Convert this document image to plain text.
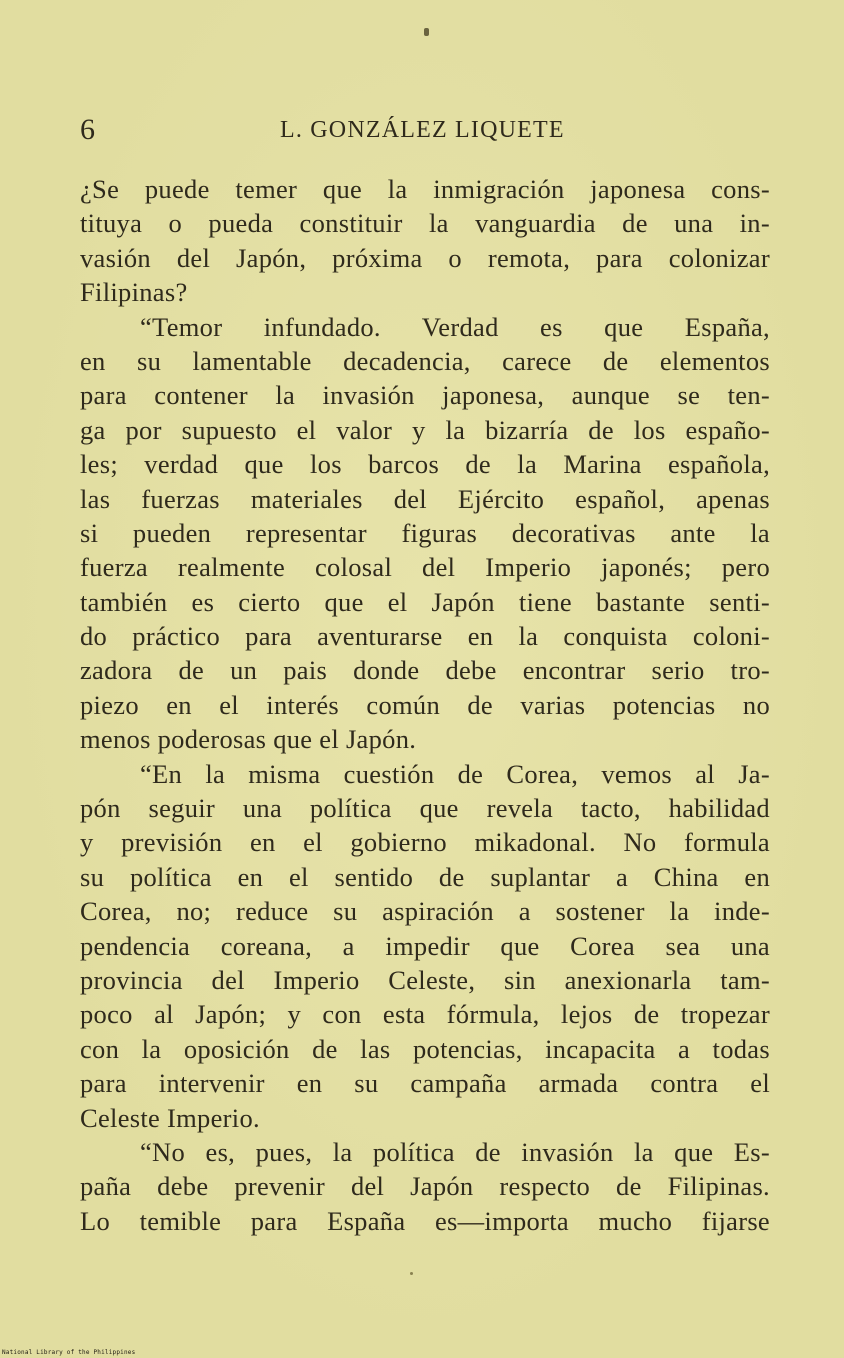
6	L. GONZÁLEZ LIQUETE
¿Se puede temer que la inmigración japonesa cons-
tituya o pueda constituir la vanguardia de una in-
vasión del Japón, próxima o remota, para colonizar
Filipinas?
“Temor infundado. Verdad es que España,
en su lamentable decadencia, carece de elementos
para contener la invasión japonesa, aunque se ten-
ga por supuesto el valor y la bizarría de los españo-
les; verdad que los barcos de la Marina española,
las fuerzas materiales del Ejército español, apenas
si pueden representar figuras decorativas ante la
fuerza realmente colosal del Imperio japonés; pero
también es cierto que el Japón tiene bastante senti-
do práctico para aventurarse en la conquista coloni-
zadora de un pais donde debe encontrar serio tro-
piezo en el interés común de varias potencias no
menos poderosas que el Japón.
“En la misma cuestión de Corea, vemos al Ja-
pón seguir una política que revela tacto, habilidad
y previsión en el gobierno mikadonal. No formula
su política en el sentido de suplantar a China en
Corea, no; reduce su aspiración a sostener la inde-
pendencia coreana, a impedir que Corea sea una
provincia del Imperio Celeste, sin anexionarla tam-
poco al Japón; y con esta fórmula, lejos de tropezar
con la oposición de las potencias, incapacita a todas
para intervenir en su campaña armada contra el
Celeste Imperio.
“No es, pues, la política de invasión la que Es-
paña debe prevenir del Japón respecto de Filipinas.
Lo temible para España es—importa mucho fijarse
National Library of the Philippines
